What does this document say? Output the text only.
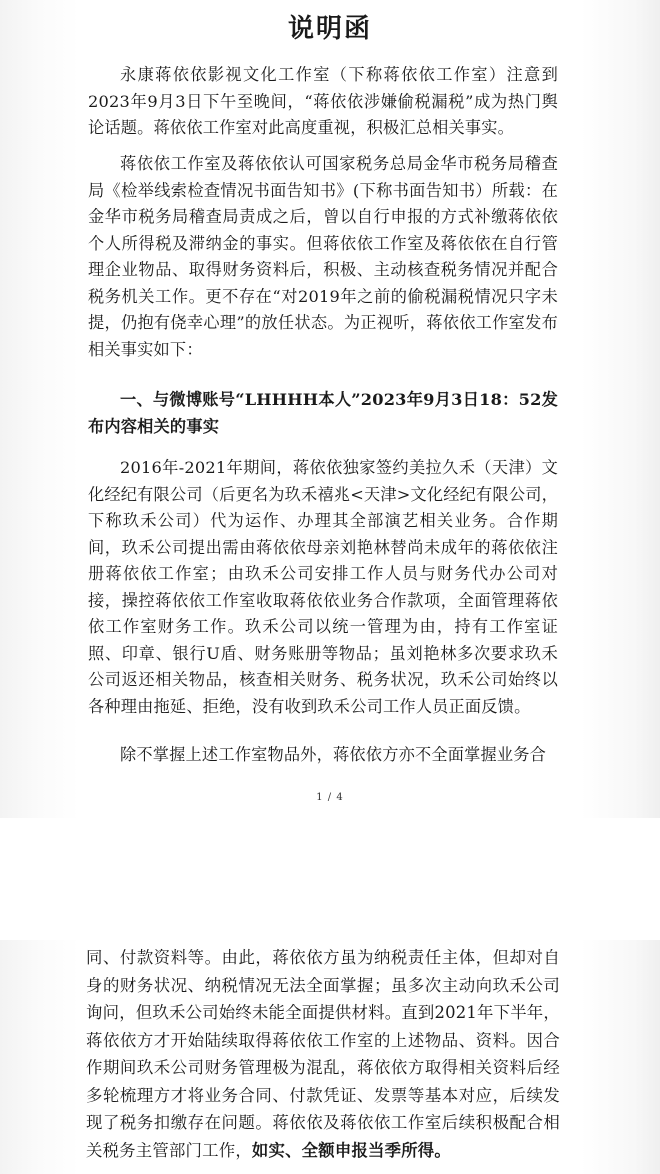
说明函

永康蒋依依影视文化工作室（下称蒋依依工作室）注意到2023年9月3日下午至晚间，“蒋依依涉嫌偷税漏税”成为热门舆论话题。蒋依依工作室对此高度重视，积极汇总相关事实。

蒋依依工作室及蒋依依认可国家税务总局金华市税务局稽查局《检举线索检查情况书面告知书》(下称书面告知书）所载：在金华市税务局稽查局责成之后，曾以自行申报的方式补缴蒋依依个人所得税及滞纳金的事实。但蒋依依工作室及蒋依依在自行管理企业物品、取得财务资料后，积极、主动核查税务情况并配合税务机关工作。更不存在“对2019年之前的偷税漏税情况只字未提，仍抱有侥幸心理”的放任状态。为正视听，蒋依依工作室发布相关事实如下：

一、与微博账号“LHHHH本人”2023年9月3日18：52发布内容相关的事实

2016年-2021年期间，蒋依依独家签约美拉久禾（天津）文化经纪有限公司（后更名为玖禾禧兆<天津>文化经纪有限公司，下称玖禾公司）代为运作、办理其全部演艺相关业务。合作期间，玖禾公司提出需由蒋依依母亲刘艳林替尚未成年的蒋依依注册蒋依依工作室；由玖禾公司安排工作人员与财务代办公司对接，操控蒋依依工作室收取蒋依依业务合作款项，全面管理蒋依依工作室财务工作。玖禾公司以统一管理为由，持有工作室证照、印章、银行U盾、财务账册等物品；虽刘艳林多次要求玖禾公司返还相关物品，核查相关财务、税务状况，玖禾公司始终以各种理由拖延、拒绝，没有收到玖禾公司工作人员正面反馈。

除不掌握上述工作室物品外，蒋依依方亦不全面掌握业务合

1 / 4

同、付款资料等。由此，蒋依依方虽为纳税责任主体，但却对自身的财务状况、纳税情况无法全面掌握；虽多次主动向玖禾公司询问，但玖禾公司始终未能全面提供材料。直到2021年下半年，蒋依依方才开始陆续取得蒋依依工作室的上述物品、资料。因合作期间玖禾公司财务管理极为混乱，蒋依依方取得相关资料后经多轮梳理方才将业务合同、付款凭证、发票等基本对应，后续发现了税务扣缴存在问题。蒋依依及蒋依依工作室后续积极配合相关税务主管部门工作，如实、全额申报当季所得。
